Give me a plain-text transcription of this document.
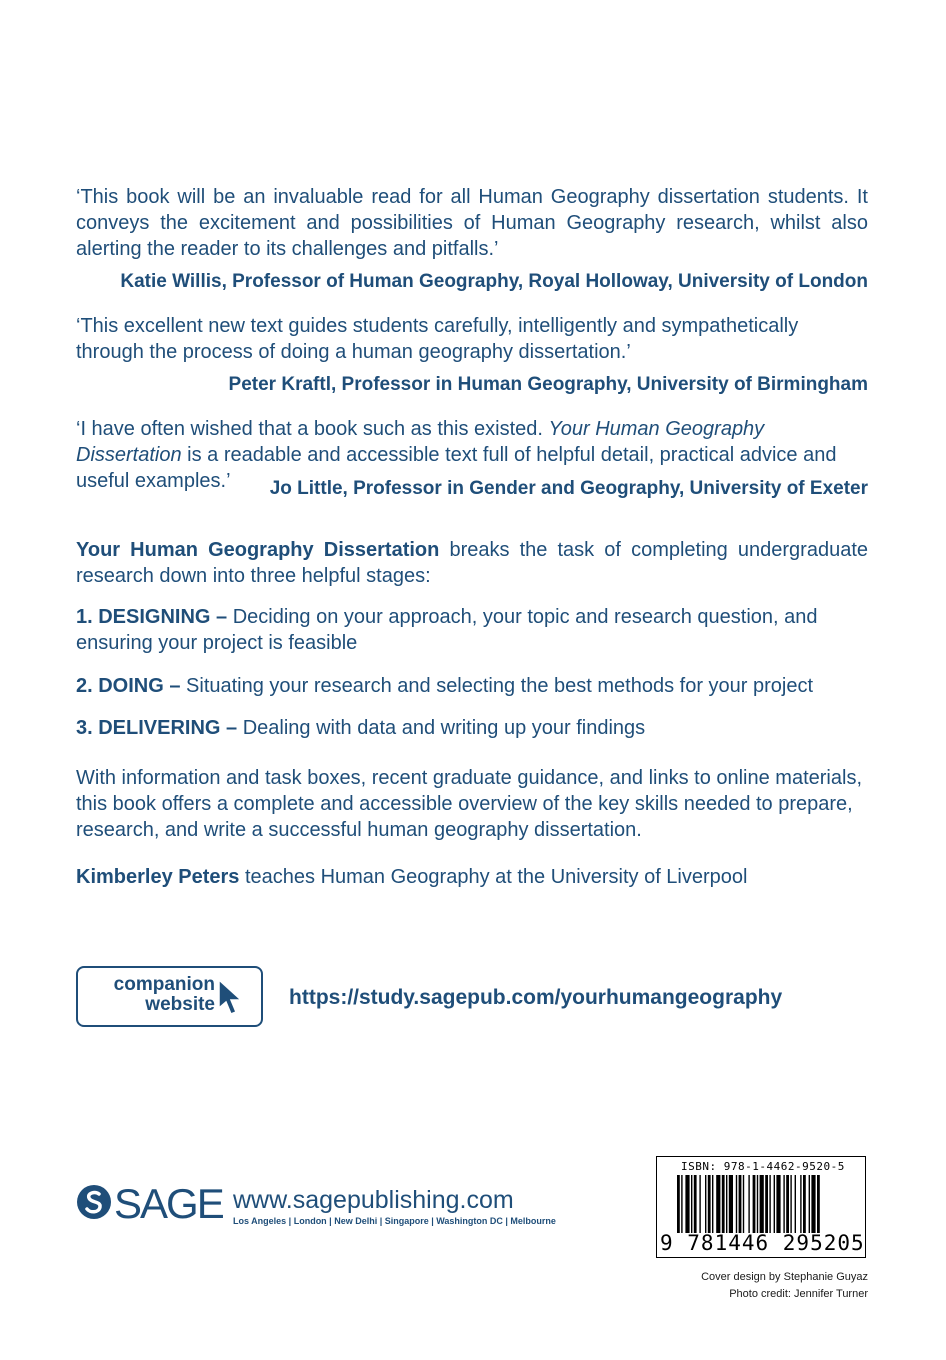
‘This book will be an invaluable read for all Human Geography dissertation students. It conveys the excitement and possibilities of Human Geography research, whilst also alerting the reader to its challenges and pitfalls.’

Katie Willis, Professor of Human Geography, Royal Holloway, University of London

‘This excellent new text guides students carefully, intelligently and sympathetically through the process of doing a human geography dissertation.’

Peter Kraftl, Professor in Human Geography, University of Birmingham

‘I have often wished that a book such as this existed. Your Human Geography Dissertation is a readable and accessible text full of helpful detail, practical advice and useful examples.’	Jo Little, Professor in Gender and Geography, University of Exeter

Your Human Geography Dissertation breaks the task of completing undergraduate research down into three helpful stages:

1. DESIGNING – Deciding on your approach, your topic and research question, and ensuring your project is feasible

2. DOING – Situating your research and selecting the best methods for your project

3. DELIVERING – Dealing with data and writing up your findings

With information and task boxes, recent graduate guidance, and links to online materials, this book offers a complete and accessible overview of the key skills needed to prepare, research, and write a successful human geography dissertation.

Kimberley Peters teaches Human Geography at the University of Liverpool

companion
website	https://study.sagepub.com/yourhumangeography
SAGE www.sagepublishing.com
Los Angeles | London | New Delhi | Singapore | Washington DC | Melbourne
ISBN: 978-1-4462-9520-5
9 781446 295205
Cover design by Stephanie Guyaz
Photo credit: Jennifer Turner
